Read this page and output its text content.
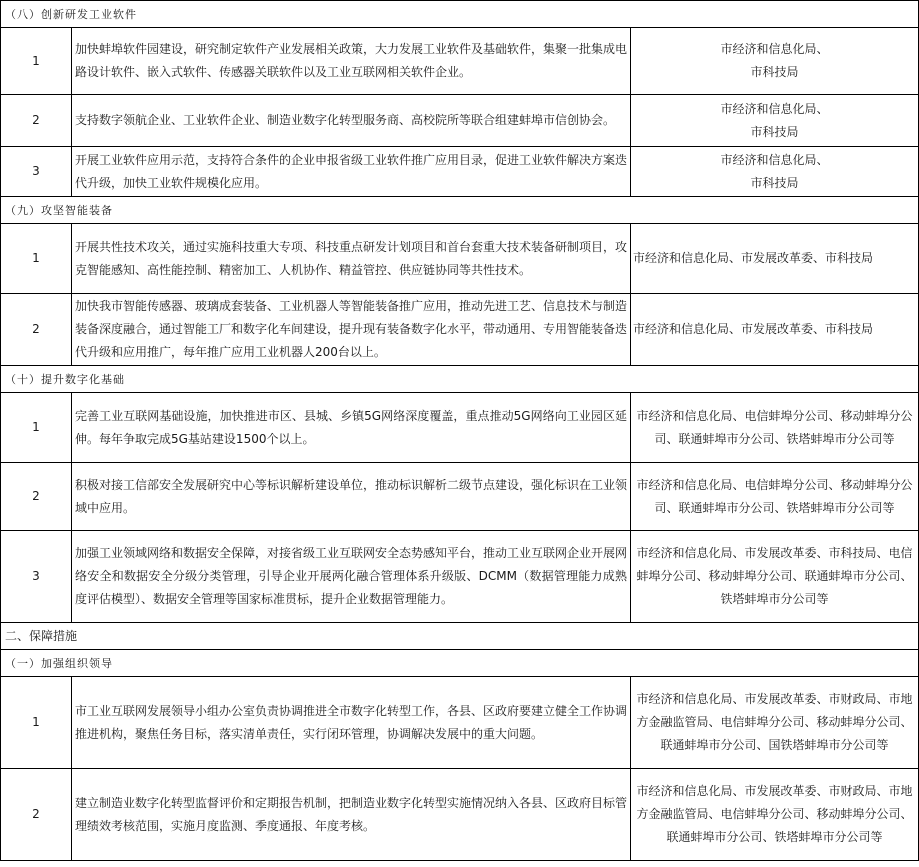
（八）创新研发工业软件		
1	加快蚌埠软件园建设，研究制定软件产业发展相关政策，大力发展工业软件及基础软件，集聚一批集成电路设计软件、嵌入式软件、传感器关联软件以及工业互联网相关软件企业。	市经济和信息化局、
市科技局
2	支持数字领航企业、工业软件企业、制造业数字化转型服务商、高校院所等联合组建蚌埠市信创协会。	市经济和信息化局、
市科技局
3	开展工业软件应用示范，支持符合条件的企业申报省级工业软件推广应用目录，促进工业软件解决方案迭代升级，加快工业软件规模化应用。	市经济和信息化局、
市科技局
（九）攻坚智能装备		
1	开展共性技术攻关，通过实施科技重大专项、科技重点研发计划项目和首台套重大技术装备研制项目，攻克智能感知、高性能控制、精密加工、人机协作、精益管控、供应链协同等共性技术。	市经济和信息化局、市发展改革委、市科技局
2	加快我市智能传感器、玻璃成套装备、工业机器人等智能装备推广应用，推动先进工艺、信息技术与制造装备深度融合，通过智能工厂和数字化车间建设，提升现有装备数字化水平，带动通用、专用智能装备迭代升级和应用推广，每年推广应用工业机器人200台以上。	市经济和信息化局、市发展改革委、市科技局
（十）提升数字化基础		
1	完善工业互联网基础设施，加快推进市区、县城、乡镇5G网络深度覆盖，重点推动5G网络向工业园区延伸。每年争取完成5G基站建设1500个以上。	市经济和信息化局、电信蚌埠分公司、移动蚌埠分公司、联通蚌埠市分公司、铁塔蚌埠市分公司等
2	积极对接工信部安全发展研究中心等标识解析建设单位，推动标识解析二级节点建设，强化标识在工业领域中应用。	市经济和信息化局、电信蚌埠分公司、移动蚌埠分公司、联通蚌埠市分公司、铁塔蚌埠市分公司等
3	加强工业领域网络和数据安全保障，对接省级工业互联网安全态势感知平台，推动工业互联网企业开展网络安全和数据安全分级分类管理，引导企业开展两化融合管理体系升级版、DCMM（数据管理能力成熟度评估模型）、数据安全管理等国家标准贯标，提升企业数据管理能力。	市经济和信息化局、市发展改革委、市科技局、电信蚌埠分公司、移动蚌埠分公司、联通蚌埠市分公司、铁塔蚌埠市分公司等
二、保障措施		
（一）加强组织领导		
1	市工业互联网发展领导小组办公室负责协调推进全市数字化转型工作，各县、区政府要建立健全工作协调推进机构，聚焦任务目标，落实清单责任，实行闭环管理，协调解决发展中的重大问题。	市经济和信息化局、市发展改革委、市财政局、市地方金融监管局、电信蚌埠分公司、移动蚌埠分公司、联通蚌埠市分公司、国铁塔蚌埠市分公司等
2	建立制造业数字化转型监督评价和定期报告机制，把制造业数字化转型实施情况纳入各县、区政府目标管理绩效考核范围，实施月度监测、季度通报、年度考核。	市经济和信息化局、市发展改革委、市财政局、市地方金融监管局、电信蚌埠分公司、移动蚌埠分公司、联通蚌埠市分公司、铁塔蚌埠市分公司等
